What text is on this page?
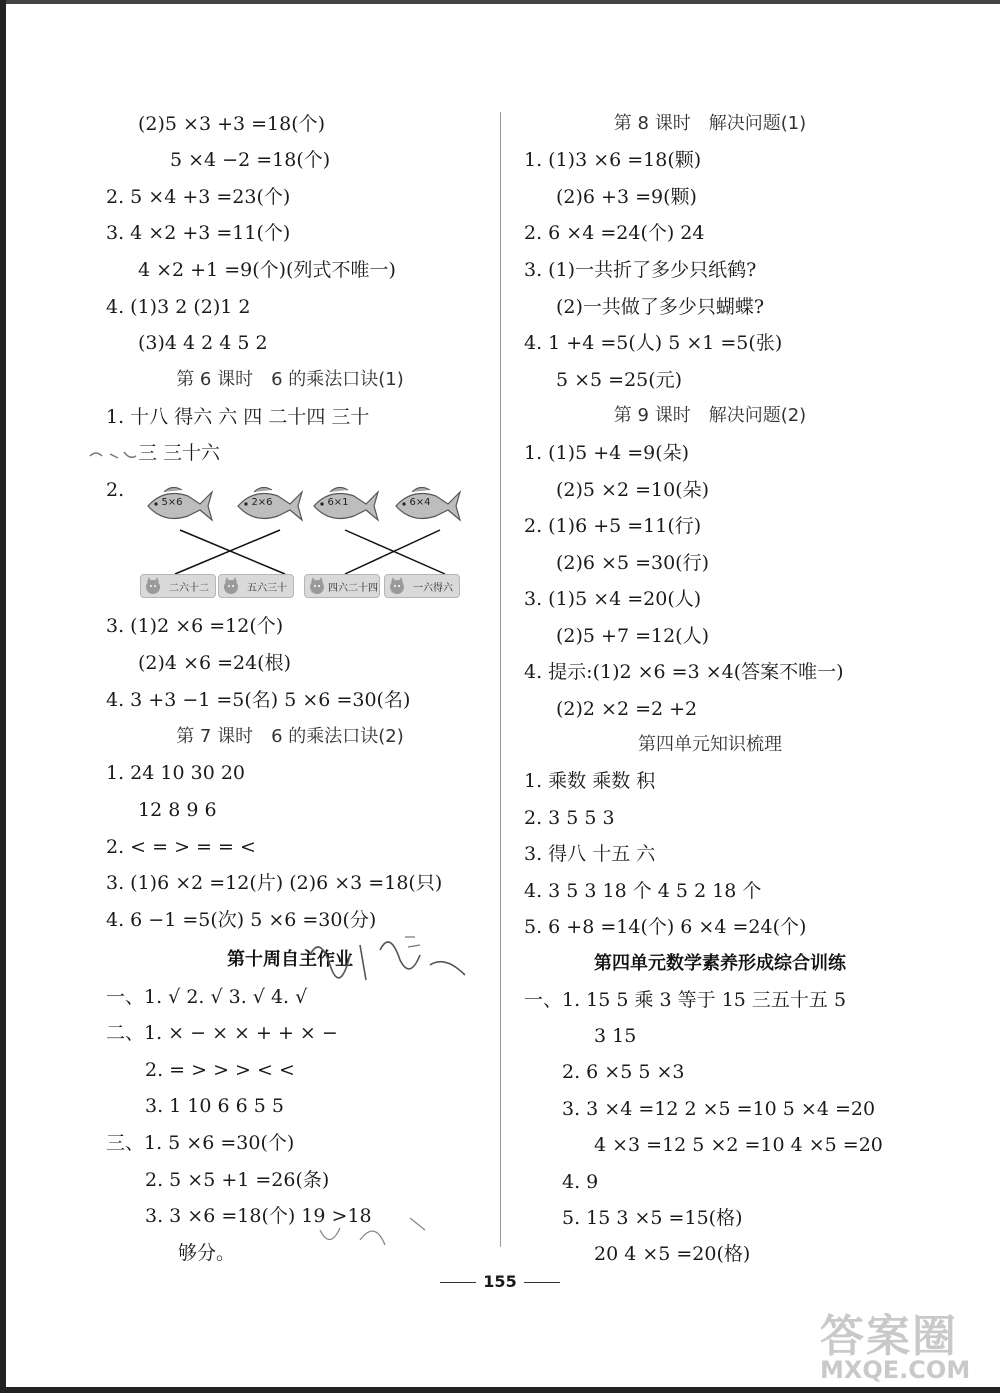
(2)5 ×3 +3 =18(个)
5 ×4 −2 =18(个)
2. 5 ×4 +3 =23(个)
3. 4 ×2 +3 =11(个)
4 ×2 +1 =9(个)(列式不唯一)
4. (1)3 2 (2)1 2
(3)4 4 2 4 5 2
第 6 课时　6 的乘法口诀(1)
1. 十八 得六 六 四 二十四 三十
三 三十六
2.
5×6	2×6	6×1	6×4
二六十二	五六三十	四六二十四	一六得六
3. (1)2 ×6 =12(个)
(2)4 ×6 =24(根)
4. 3 +3 −1 =5(名) 5 ×6 =30(名)
第 7 课时　6 的乘法口诀(2)
1. 24 10 30 20
12 8 9 6
2. < = > = = <
3. (1)6 ×2 =12(片) (2)6 ×3 =18(只)
4. 6 −1 =5(次) 5 ×6 =30(分)
第十周自主作业
一、1. √ 2. √ 3. √ 4. √
二、1. × − × × + + × −
2. = > > > < <
3. 1 10 6 6 5 5
三、1. 5 ×6 =30(个)
2. 5 ×5 +1 =26(条)
3. 3 ×6 =18(个) 19 >18
够分。
第 8 课时　解决问题(1)
1. (1)3 ×6 =18(颗)
(2)6 +3 =9(颗)
2. 6 ×4 =24(个) 24
3. (1)一共折了多少只纸鹤?
(2)一共做了多少只蝴蝶?
4. 1 +4 =5(人) 5 ×1 =5(张)
5 ×5 =25(元)
第 9 课时　解决问题(2)
1. (1)5 +4 =9(朵)
(2)5 ×2 =10(朵)
2. (1)6 +5 =11(行)
(2)6 ×5 =30(行)
3. (1)5 ×4 =20(人)
(2)5 +7 =12(人)
4. 提示:(1)2 ×6 =3 ×4(答案不唯一)
(2)2 ×2 =2 +2
第四单元知识梳理
1. 乘数 乘数 积
2. 3 5 5 3
3. 得八 十五 六
4. 3 5 3 18 个 4 5 2 18 个
5. 6 +8 =14(个) 6 ×4 =24(个)
第四单元数学素养形成综合训练
一、1. 15 5 乘 3 等于 15 三五十五 5
3 15
2. 6 ×5 5 ×3
3. 3 ×4 =12 2 ×5 =10 5 ×4 =20
4 ×3 =12 5 ×2 =10 4 ×5 =20
4. 9
5. 15 3 ×5 =15(格)
20 4 ×5 =20(格)
155
答案圈
MXQE.COM
